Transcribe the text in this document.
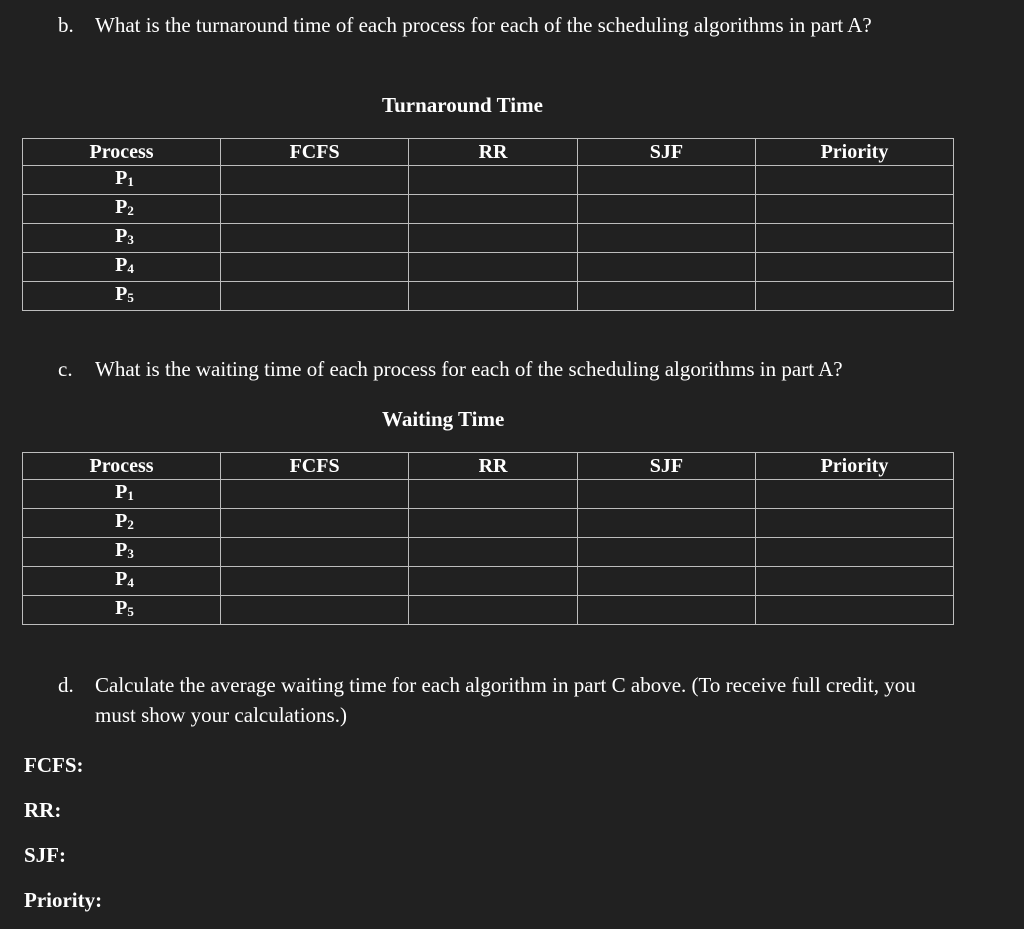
b.	What is the turnaround time of each process for each of the scheduling algorithms in part A?
Turnaround Time
Process	FCFS	RR	SJF	Priority
$P_1$				
$P_2$				
$P_3$				
$P_4$				
$P_5$				
c.	What is the waiting time of each process for each of the scheduling algorithms in part A?
Waiting Time
Process	FCFS	RR	SJF	Priority
$P_1$				
$P_2$				
$P_3$				
$P_4$				
$P_5$				
d.	Calculate the average waiting time for each algorithm in part C above. (To receive full credit, you must show your calculations.)
FCFS:
RR:
SJF:
Priority:
